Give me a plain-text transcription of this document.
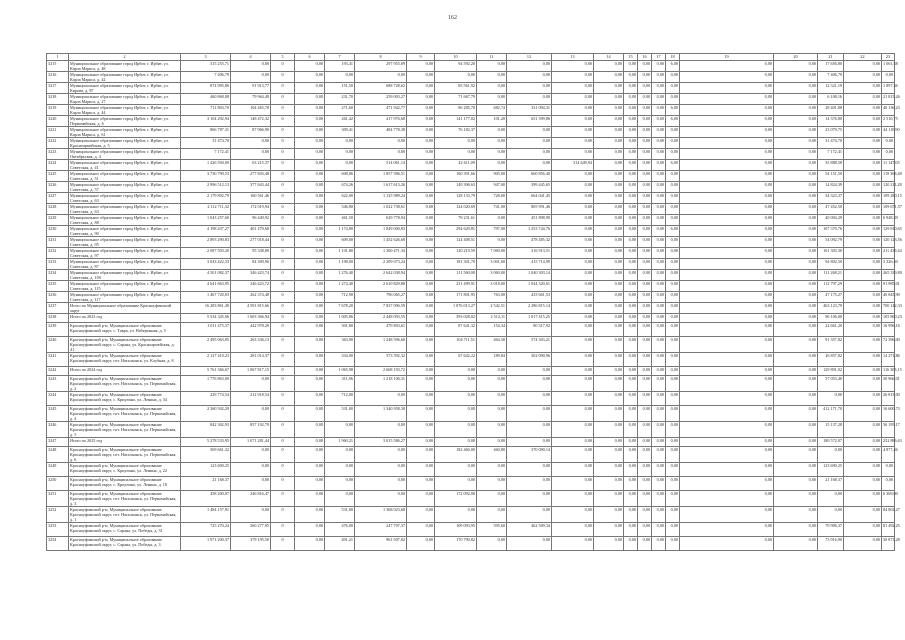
162
1	2	3	4	5	6	7	8	9	10	11	12	13	14	15	16	17	18	19	20	21	22	23
3215	Муниципальное образование город Ирбит, г. Ирбит, ул. Карла Маркса, д. 48	315 255,71	0,00	0	0,00	193,41	297 955,09	0,00	94 592,20	0,00	0,00	0,00	0,00	0,00	0,00	0,00	6,00	0,00	0,00	17 656,80	0,00	1 061,58
3216	Муниципальное образование город Ирбит, г. Ирбит, ул. Карла Маркса, д. 42	7 406,79	0,00	0	0,00	0,00	0,00	0,00	0,00	0,00	0,00	0,00	0,00	0,00	0,00	0,00	0,00	0,00	0,00	7 406,79	0,00	0,00
3217	Муниципальное образование город Ирбит, г. Ирбит, ул. Кирова, д. 87	874 995,86	91 913,77	0	0,00	151,50	688 728,62	0,00	85 561,92	0,00	0,00	0,00	0,00	0,00	0,00	0,00	0,00	0,00	0,00	12 321,19	0,00	1 897,36
3218	Муниципальное образование город Ирбит, г. Ирбит, ул. Карла Маркса, д. 27	460 868,08	79 964,49	0	0,00	231,70	259 003,27	0,00	71 667,79	0,00	0,00	0,00	0,00	0,00	0,00	0,00	0,00	0,00	0,00	6 108,16	0,00	21 815,26
3219	Муниципальное образование город Ирбит, г. Ирбит, ул. Карла Маркса, д. 44	711 803,70	104 465,78	0	0,00	271,60	471 942,77	0,00	96 285,70	682,74	331 094,31	0,00	0,00	0,00	0,00	0,00	6,00	0,00	0,00	28 401,88	0,00	40 136,23
3220	Муниципальное образование город Ирбит, г. Ирбит, ул. Первомайская, д. 6	3 104 292,94	148 472,32	0	0,00	261,42	417 976,68	0,00	141 177,02	101,20	651 399,86	0,00	0,00	0,00	0,00	0,00	6,00	0,00	0,00	14 376,80	0,00	2 510,75
3221	Муниципальное образование город Ирбит, г. Ирбит, ул. Карла Маркса, д. 61	866 787,31	87 966,90	0	0,00	309,41	484 778,38	0,00	76 182,37	0,00	0,00	0,00	0,00	0,00	0,00	0,00	0,00	0,00	0,00	23 079,75	0,00	44 110,90
3222	Муниципальное образование город Ирбит, г. Ирбит, ул. Красноармейская, д. 5	31 474,70	0,00	0	0,00	0,00	0,00	0,00	0,00	0,00	0,00	0,00	0,00	0,00	0,00	0,00	0,00	0,00	0,00	31 474,70	0,00	0,00
3223	Муниципальное образование город Ирбит, г. Ирбит, ул. Октябрьская, д. 4	7 172,41	0,00	0	0,00	0,00	0,00	0,00	0,00	0,00	0,00	0,00	0,00	0,00	0,00	0,00	0,00	0,00	0,00	7 172,41	0,00	0,00
3224	Муниципальное образование город Ирбит, г. Ирбит, ул. Советская, д. 41	1 426 594,00	63 215,37	0	0,00	0,00	514 061,14	0,00	42 611,09	0,00	0,00	314 649,94	0,00	0,00	0,00	0,00	6,00	0,00	0,00	35 888,58	0,00	11 147,05
3225	Муниципальное образование город Ирбит, г. Ирбит, ул. Советская, д. 51	3 730 790,53	277 843,48	0	0,00	608,86	1 857 396,51	0,00	160 391,66	905,00	660 856,40	0,00	0,00	0,00	0,00	0,00	0,00	0,00	0,00	54 151,50	0,00	119 368,48
3226	Муниципальное образование город Ирбит, г. Ирбит, ул. Советская, д. 57	2 996 512,13	377 643,44	0	0,00	674,26	1 617 613,26	0,00	149 396,63	947,00	399 445,65	0,00	0,00	0,00	0,00	0,00	0,00	0,00	0,00	14 824,39	0,00	120 211,28
3227	Муниципальное образование город Ирбит, г. Ирбит, ул. Советская, д. 63	2 179 892,79	160 561,46	0	0,00	622,00	1 125 989,24	0,00	128 133,79	728,00	664 041,45	0,00	0,00	0,00	0,00	0,00	0,00	0,00	0,00	34 323,37	0,00	109 280,15
3228	Муниципальное образование город Ирбит, г. Ирбит, ул. Советская, д. 63	2 112 711,32	172 019,94	0	0,00	546,80	1 022 738,61	0,00	124 020,69	741,00	805 991,46	0,00	0,00	0,00	0,00	0,00	0,00	0,00	0,00	47 452,50	0,00	109 671,57
3229	Муниципальное образование город Ирбит, г. Ирбит, ул. Советская, д. 88	1 043 257,60	96 449,92	0	0,00	461,50	629 778,94	0,00	79 231,61	0,00	451 898,90	0,00	0,00	0,00	0,00	0,00	0,00	0,00	0,00	40 094,29	0,00	6 948,39
3230	Муниципальное образование город Ирбит, г. Ирбит, ул. Советская, д. 90	4 198 437,27	401 270,68	0	0,00	1 174,80	1 849 000,83	0,00	294 629,81	797,00	1 253 744,76	0,00	0,00	0,00	0,00	0,00	6,00	0,00	0,00	107 370,76	0,00	129 810,65
3231	Муниципальное образование город Ирбит, г. Ирбит, ул. Советская, д. 95	2 893 290,83	277 018,44	0	0,00	609,00	1 452 626,68	0,00	124 408,51	0,00	478 485,32	0,00	0,00	0,00	0,00	0,00	0,00	0,00	0,00	54 092,79	0,00	120 123,56
3232	Муниципальное образование город Ирбит, г. Ирбит, ул. Советская, д. 97	2 087 503,20	95 338,80	0	0,00	1 101,80	1 300 471,34	0,00	120 219,59	7 069,00	316 913,51	0,00	0,00	0,00	0,00	0,00	0,00	0,00	0,00	161 303,30	0,00	211 439,44
3233	Муниципальное образование город Ирбит, г. Ирбит, ул. Советская, д. 87	3 043 422,33	84 309,96	0	0,00	1 198,00	2 209 073,24	0,00	181 301,70	3 001,00	415 714,99	0,00	0,00	0,00	0,00	0,00	0,00	0,00	0,00	94 802,50	0,00	3 326,40
3234	Муниципальное образование город Ирбит, г. Ирбит, ул. Советская, д. 109	4 501 082,37	346 423,74	0	0,00	1 276,40	2 642 038,94	0,00	111 560,00	3 069,00	1 040 303,14	0,00	0,00	0,00	0,00	0,00	0,00	0,00	0,00	111 268,21	0,00	265 339,80
3235	Муниципальное образование город Ирбит, г. Ирбит, ул. Советская, д. 115	4 641 663,95	346 423,72	0	0,00	1 274,40	2 610 829,88	0,00	231 499,91	3 018,00	1 044 320,61	0,00	0,00	0,00	0,00	0,00	0,00	0,00	0,00	112 797,29	0,00	91 985,01
3236	Муниципальное образование город Ирбит, г. Ирбит, ул. Советская, д. 117	1 467 720,03	262 374,48	0	0,00	712,90	796 065,27	0,00	171 801,95	763,00	433 661,53	0,00	0,00	0,00	0,00	0,00	0,00	0,00	0,00	47 175,27	0,00	46 845,90
3237	Итого по Муниципальное образование Красноуфимский округ	16 283 861,49	4 591 815,66	0	0,00	7 678,20	7 837 096,59	0,00	1 076 013,27	2 542,51	2 286 815,14	0,00	0,00	0,00	0,00	0,00	0,00	0,00	0,00	463 123,79	0,00	700 142,33
3238	Итого по 2023 год	5 534 345,06	1 603 366,94	0	0,00	1 005,86	2 448 093,55	0,00	393 028,02	2 512,11	1 017 415,25	0,00	0,00	0,00	0,00	0,00	0,00	0,00	0,00	96 106,00	0,00	105 860,23
3239	Красноуфимский р-н, Муниципальное образование Красноуфимский округ, с. Тавра, ул. Набережная, д. 5	1 011 475,37	442 978,20	0	0,00	301,80	479 803,61	0,00	87 641,32	154,34	80 317,92	0,00	0,00	0,00	0,00	0,00	0,00	0,00	0,00	22 661,20	0,00	16 996,16
3240	Красноуфимский р-н, Муниципальное образование Красноуфимский округ, с. Сарана, ул. Красноармейская, д. 41	2 495 063,85	263 336,13	0	0,00	363,90	1 248 596,60	0,00	104 711,51	464,58	574 303,21	0,00	0,00	0,00	0,00	0,00	0,00	0,00	0,00	91 357,82	0,00	72 396,00
3241	Красноуфимский р-н, Муниципальное образование Красноуфимский округ, пгт. Натальинск, ул. Клубная, д. 8	2 127 410,23	281 014,37	0	0,00	334,00	573 592,32	0,00	67 642,22	189,84	302 090,96	0,00	0,00	0,00	0,00	0,00	0,00	0,00	0,00	26 857,82	0,00	14 271,86
3242	Итого по 2024 год	5 761 366,67	1 067 817,15	0	0,00	1 065,98	2 668 193,72	0,00	0,00	0,00	0,00	0,00	0,00	0,00	0,00	0,00	0,00	0,00	0,00	129 891,02	0,00	116 305,15
3243	Красноуфимский р-н, Муниципальное образование Красноуфимский округ, пгт. Натальинск, ул. Первомайская, д. 2	1 776 863,00	0,00	0	0,00	311,96	1 218 106,31	0,00	0,00	0,00	0,00	0,00	0,00	0,00	0,00	0,00	0,00	0,00	0,00	57 053,40	0,00	30 966,01
3244	Красноуфимский р-н, Муниципальное образование Красноуфимский округ, с. Криулино, ул. Ленина, д. 34	229 774,54	212 918,54	0	0,00	712,00	0,00	0,00	0,00	0,00	0,00	0,00	0,00	0,00	0,00	0,00	0,00	0,00	0,00	0,00	0,00	26 815,00
3245	Красноуфимский р-н, Муниципальное образование Красноуфимский округ, пгт. Натальинск, ул. Первомайская, д. 4	2 360 502,29	0,00	0	0,00	531,00	1 340 958,30	0,00	0,00	0,00	0,00	0,00	0,00	0,00	0,00	0,00	0,00	0,00	0,00	412 171,70	0,00	16 600,73
3246	Красноуфимский р-н, Муниципальное образование Красноуфимский округ, пгт. Натальинск, ул. Первомайская, д. 5	842 302,93	857 192,79	0	0,00	0,00	0,00	0,00	0,00	0,00	0,00	0,00	0,00	0,00	0,00	0,00	0,00	0,00	0,00	15 137,28	0,00	36 195,17
3247	Итого по 2025 год	5 278 533,95	1 071 281,44	0	0,00	1 960,21	3 015 586,27	0,00	0,00	0,00	0,00	0,00	0,00	0,00	0,00	0,00	0,00	0,00	0,00	180 572,07	0,00	252 886,63
3248	Красноуфимский р-н, Муниципальное образование Красноуфимский округ, пгт. Натальинск, ул. Первомайская, д. 6	569 661,32	0,00	0	0,00	0,00	0,00	0,00	182 460,00	460,80	370 090,14	0,00	0,00	0,00	0,00	0,00	0,00	0,00	0,00	0,00	0,00	4 877,46
3249	Красноуфимский р-н, Муниципальное образование Красноуфимский округ, с. Криулино, ул. Ленина, д. 22	123 690,25	0,00	0	0,00	0,00	0,00	0,00	0,00	0,00	0,00	0,00	0,00	0,00	0,00	0,00	0,00	0,00	0,00	123 690,25	0,00	0,00
3250	Красноуфимский р-н, Муниципальное образование Красноуфимский округ, с. Криулино, ул. Ленина, д. 18	21 168,37	0,00	0	0,00	0,00	0,00	0,00	0,00	0,00	0,00	0,00	0,00	0,00	0,00	0,00	0,00	0,00	0,00	21 168,37	0,00	0,00
3251	Красноуфимский р-н, Муниципальное образование Красноуфимский округ, пгт. Натальинск, ул. Первомайская, д. 3	458 200,07	246 816,47	0	0,00	0,00	0,00	0,00	172 092,00	0,00	0,00	0,00	0,00	0,00	0,00	0,00	0,00	0,00	0,00	0,00	0,00	6 369,00
3252	Красноуфимский р-н, Муниципальное образование Красноуфимский округ, пгт. Натальинск, ул. Первомайская, д. 1	1 484 157,91	0,00	0	0,00	531,00	1 368 023,68	0,00	0,00	0,00	0,00	0,00	0,00	0,00	0,00	0,00	0,00	0,00	0,00	0,00	0,00	84 802,27
3253	Красноуфимский р-н, Муниципальное образование Красноуфимский округ, с. Сарана, ул. Победы, д. 31	725 270,24	360 277,95	0	0,00	476,00	247 707,37	0,00	109 093,95	595,60	462 509,34	0,00	0,00	0,00	0,00	0,00	0,00	0,00	0,00	79 906,37	0,00	81 492,25
3254	Красноуфимский р-н, Муниципальное образование Красноуфимский округ, с. Сарана, ул. Победы, д. 3	1 971 200,37	379 195,50	0	0,00	491,21	961 507,82	0,00	170 790,82	0,00	0,00	0,00	0,00	0,00	0,00	0,00	0,00	0,00	0,00	73 916,90	0,00	30 871,28
